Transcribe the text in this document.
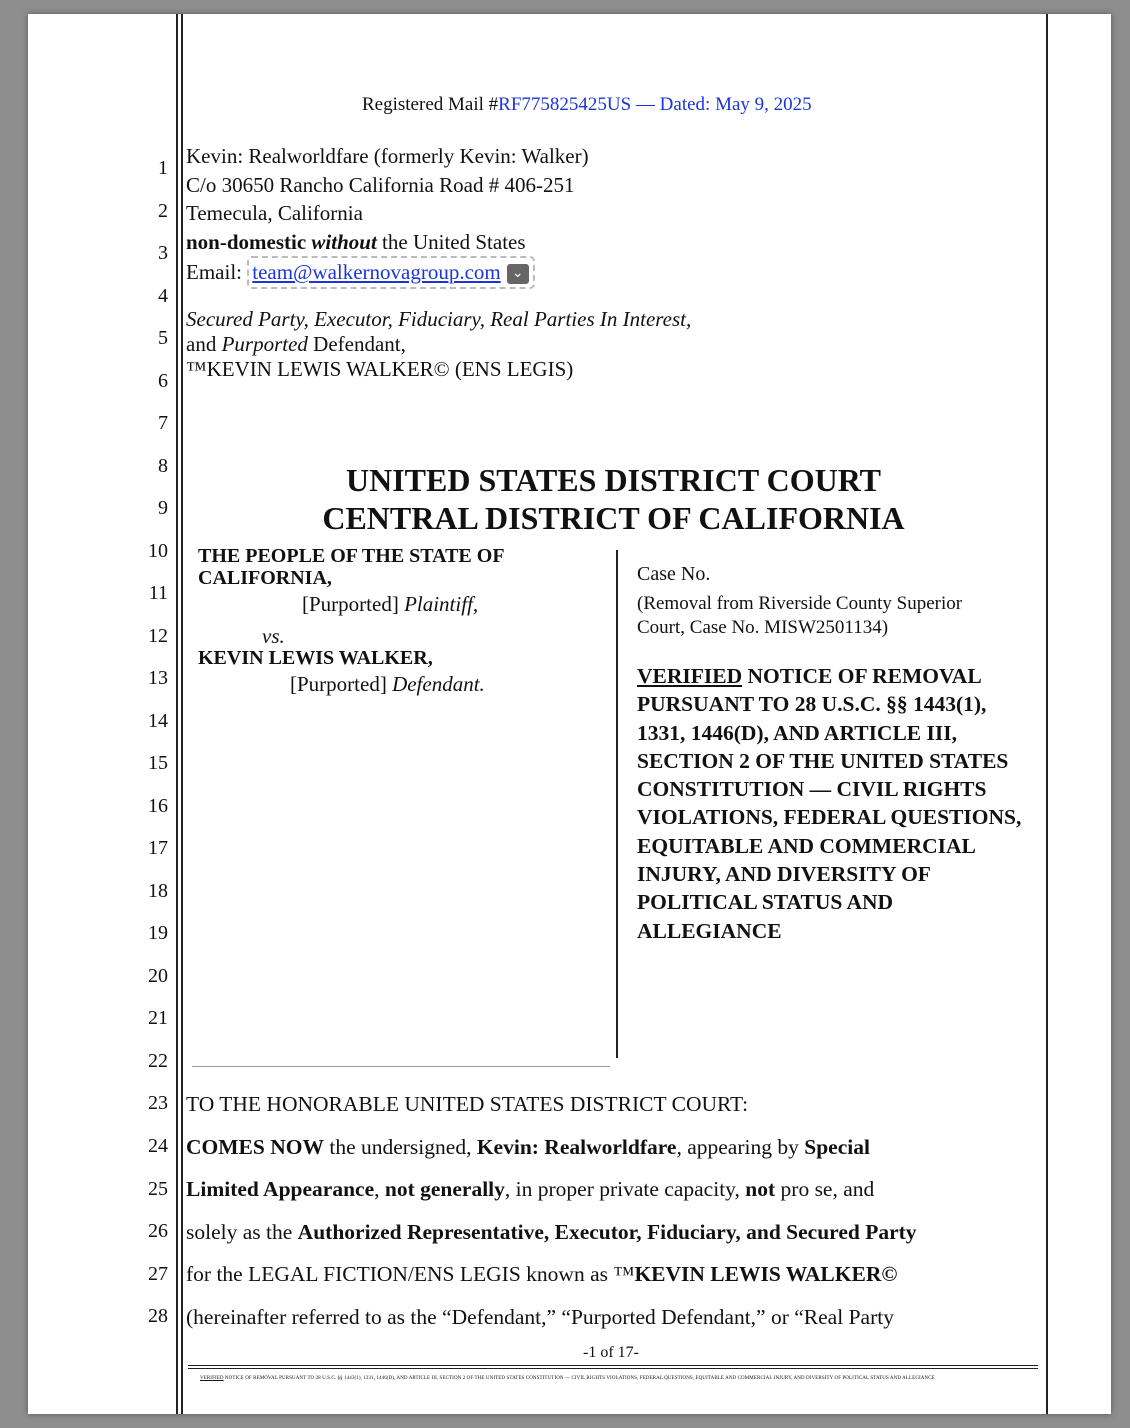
Registered Mail #RF775825425US — Dated: May 9, 2025
1
2
3
4
5
6
7
8
9
10
11
12
13
14
15
16
17
18
19
20
21
22
23
24
25
26
27
28
Kevin: Realworldfare (formerly Kevin: Walker)
C/o 30650 Rancho California Road # 406-251
Temecula, California
non-domestic without the United States
Email: team@walkernovagroup.com ⌄
Secured Party, Executor, Fiduciary, Real Parties In Interest,
and Purported Defendant,
™KEVIN LEWIS WALKER© (ENS LEGIS)
UNITED STATES DISTRICT COURT
CENTRAL DISTRICT OF CALIFORNIA
THE PEOPLE OF THE STATE OF CALIFORNIA,
[Purported] Plaintiff,
vs.
KEVIN LEWIS WALKER,
[Purported] Defendant.
Case No.
(Removal from Riverside County Superior Court, Case No. MISW2501134)
VERIFIED NOTICE OF REMOVAL PURSUANT TO 28 U.S.C. §§ 1443(1), 1331, 1446(D), AND ARTICLE III, SECTION 2 OF THE UNITED STATES CONSTITUTION — CIVIL RIGHTS VIOLATIONS, FEDERAL QUESTIONS, EQUITABLE AND COMMERCIAL INJURY, AND DIVERSITY OF POLITICAL STATUS AND ALLEGIANCE
TO THE HONORABLE UNITED STATES DISTRICT COURT:
COMES NOW the undersigned, Kevin: Realworldfare, appearing by Special
Limited Appearance, not generally, in proper private capacity, not pro se, and
solely as the Authorized Representative, Executor, Fiduciary, and Secured Party
for the LEGAL FICTION/ENS LEGIS known as ™KEVIN LEWIS WALKER©
(hereinafter referred to as the “Defendant,” “Purported Defendant,” or “Real Party
-1 of 17-
VERIFIED NOTICE OF REMOVAL PURSUANT TO 28 U.S.C. §§ 1443(1), 1331, 1446(D), AND ARTICLE III, SECTION 2 OF THE UNITED STATES CONSTITUTION — CIVIL RIGHTS VIOLATIONS, FEDERAL QUESTIONS, EQUITABLE AND COMMERCIAL INJURY, AND DIVERSITY OF POLITICAL STATUS AND ALLEGIANCE
